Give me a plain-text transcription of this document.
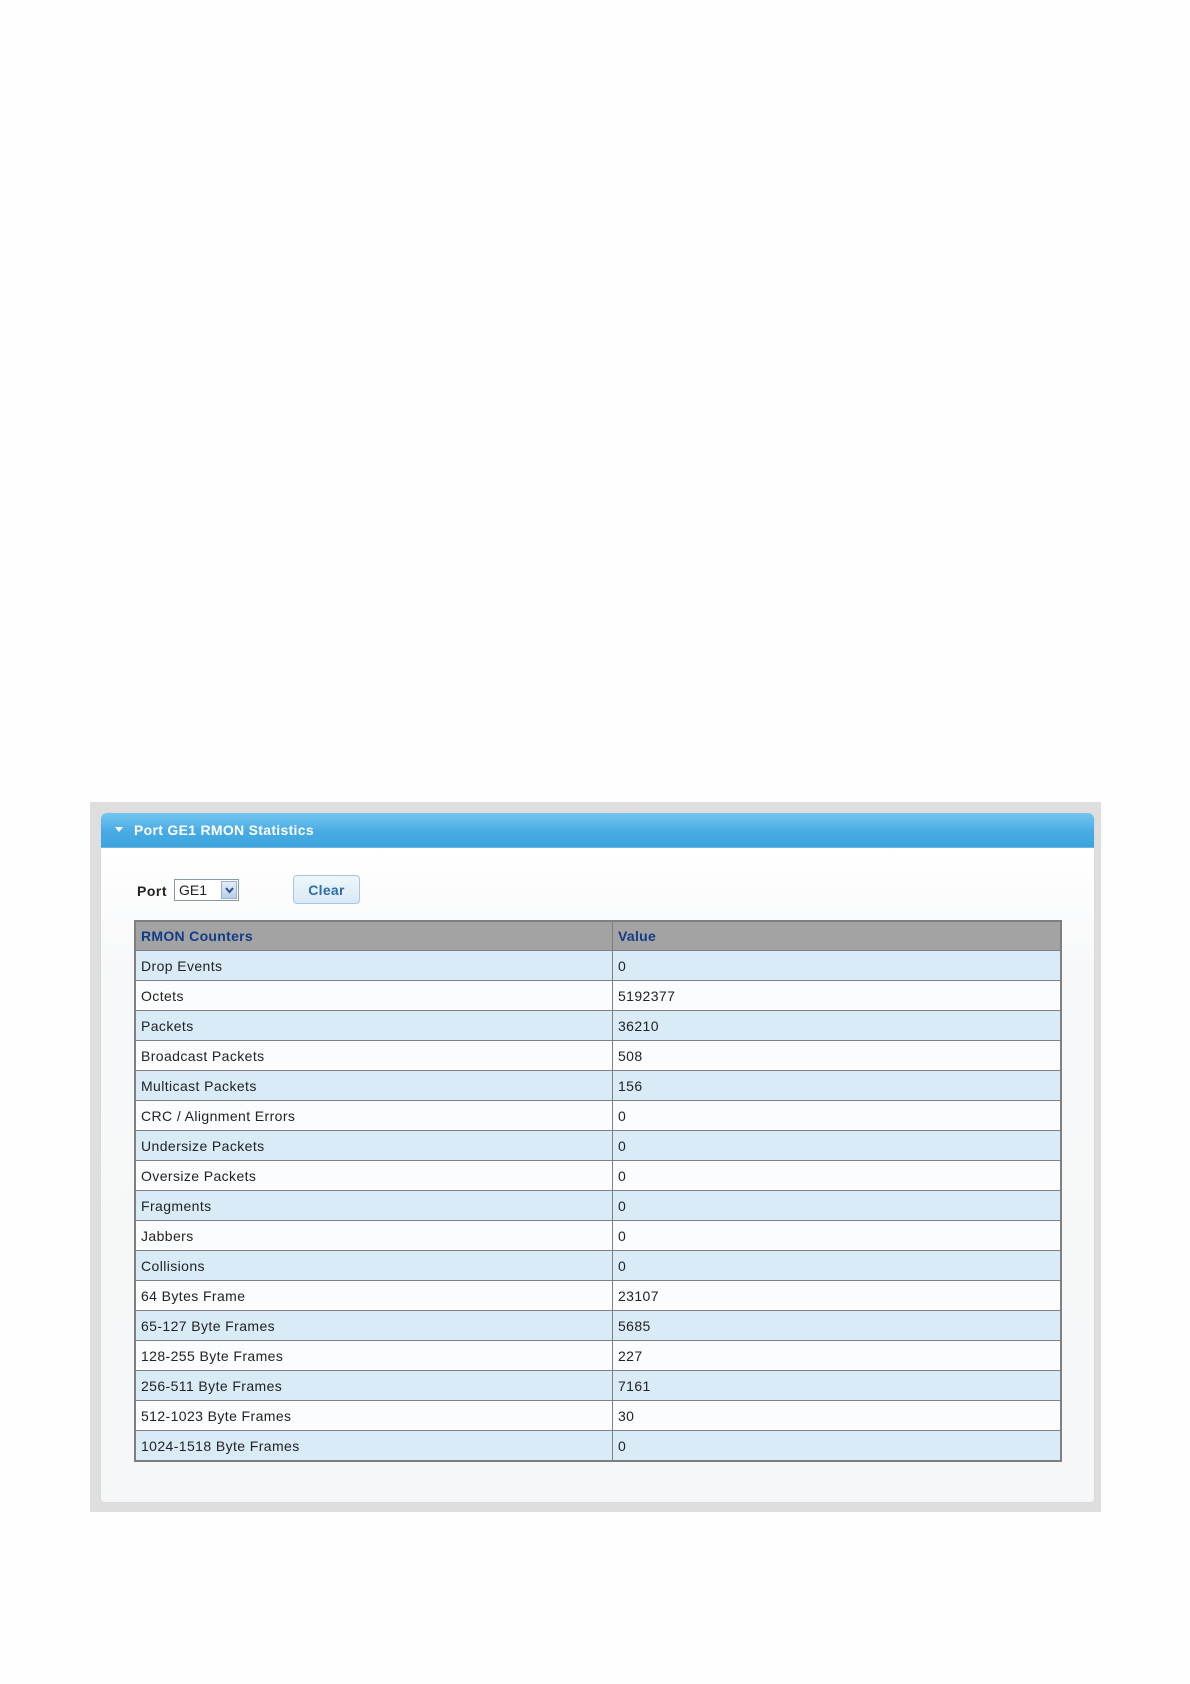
Port GE1 RMON Statistics
Port GE1	Clear
RMON Counters	Value
Drop Events	0
Octets	5192377
Packets	36210
Broadcast Packets	508
Multicast Packets	156
CRC / Alignment Errors	0
Undersize Packets	0
Oversize Packets	0
Fragments	0
Jabbers	0
Collisions	0
64 Bytes Frame	23107
65-127 Byte Frames	5685
128-255 Byte Frames	227
256-511 Byte Frames	7161
512-1023 Byte Frames	30
1024-1518 Byte Frames	0
